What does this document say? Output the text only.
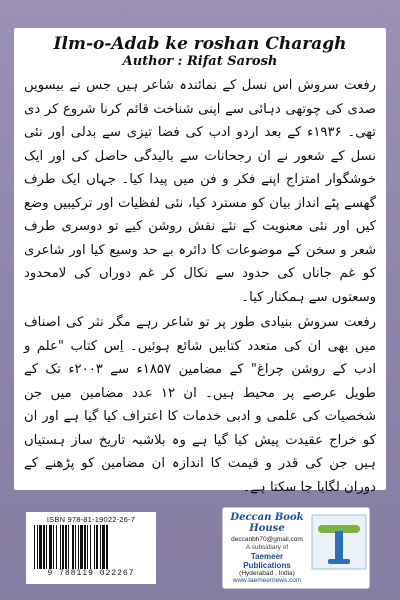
Ilm-o-Adab ke roshan Charagh
Author : Rifat Sarosh

رفعت سروش اس نسل کے نمائندہ شاعر ہیں جس نے بیسویں صدی کی چوتھی دہائی سے اپنی شناخت قائم کرنا شروع کر دی تھی۔ ۱۹۳۶ء کے بعد اردو ادب کی فضا تیزی سے بدلی اور نئی نسل کے شعور نے ان رجحانات سے بالیدگی حاصل کی اور ایک خوشگوار امتزاج اپنے فکر و فن میں پیدا کیا۔ جہاں ایک طرف گھسے پٹے انداز بیان کو مسترد کیا، نئی لفظیات اور ترکیبیں وضع کیں اور نئی معنویت کے نئے نقش روشن کیے تو دوسری طرف شعر و سخن کے موضوعات کا دائرہ بے حد وسیع کیا اور شاعری کو غم جاناں کی حدود سے نکال کر غم دوراں کی لامحدود وسعتوں سے ہمکنار کیا۔

رفعت سروش بنیادی طور پر تو شاعر رہے مگر نثر کی اصناف میں بھی ان کی متعدد کتابیں شائع ہوئیں۔ اِس کتاب "علم و ادب کے روشن چراغ" کے مضامین ۱۸۵۷ء سے ۲۰۰۳ء تک کے طویل عرصے پر محیط ہیں۔ ان ۱۲ عدد مضامین میں جن شخصیات کی علمی و ادبی خدمات کا اعتراف کیا گیا ہے اور ان کو خراج عقیدت پیش کیا گیا ہے وہ بلاشبہ تاریخ ساز ہستیاں ہیں جن کی قدر و قیمت کا اندازہ ان مضامین کو پڑھنے کے دوران لگایا جا سکتا ہے۔

ISBN 978-81-19022-26-7
9 788119 022267
Deccan Book House
deccanbh70@gmail.com
A subsidiary of
Taemeer Publications
(Hyderabad , India)
www.taemeernews.com
